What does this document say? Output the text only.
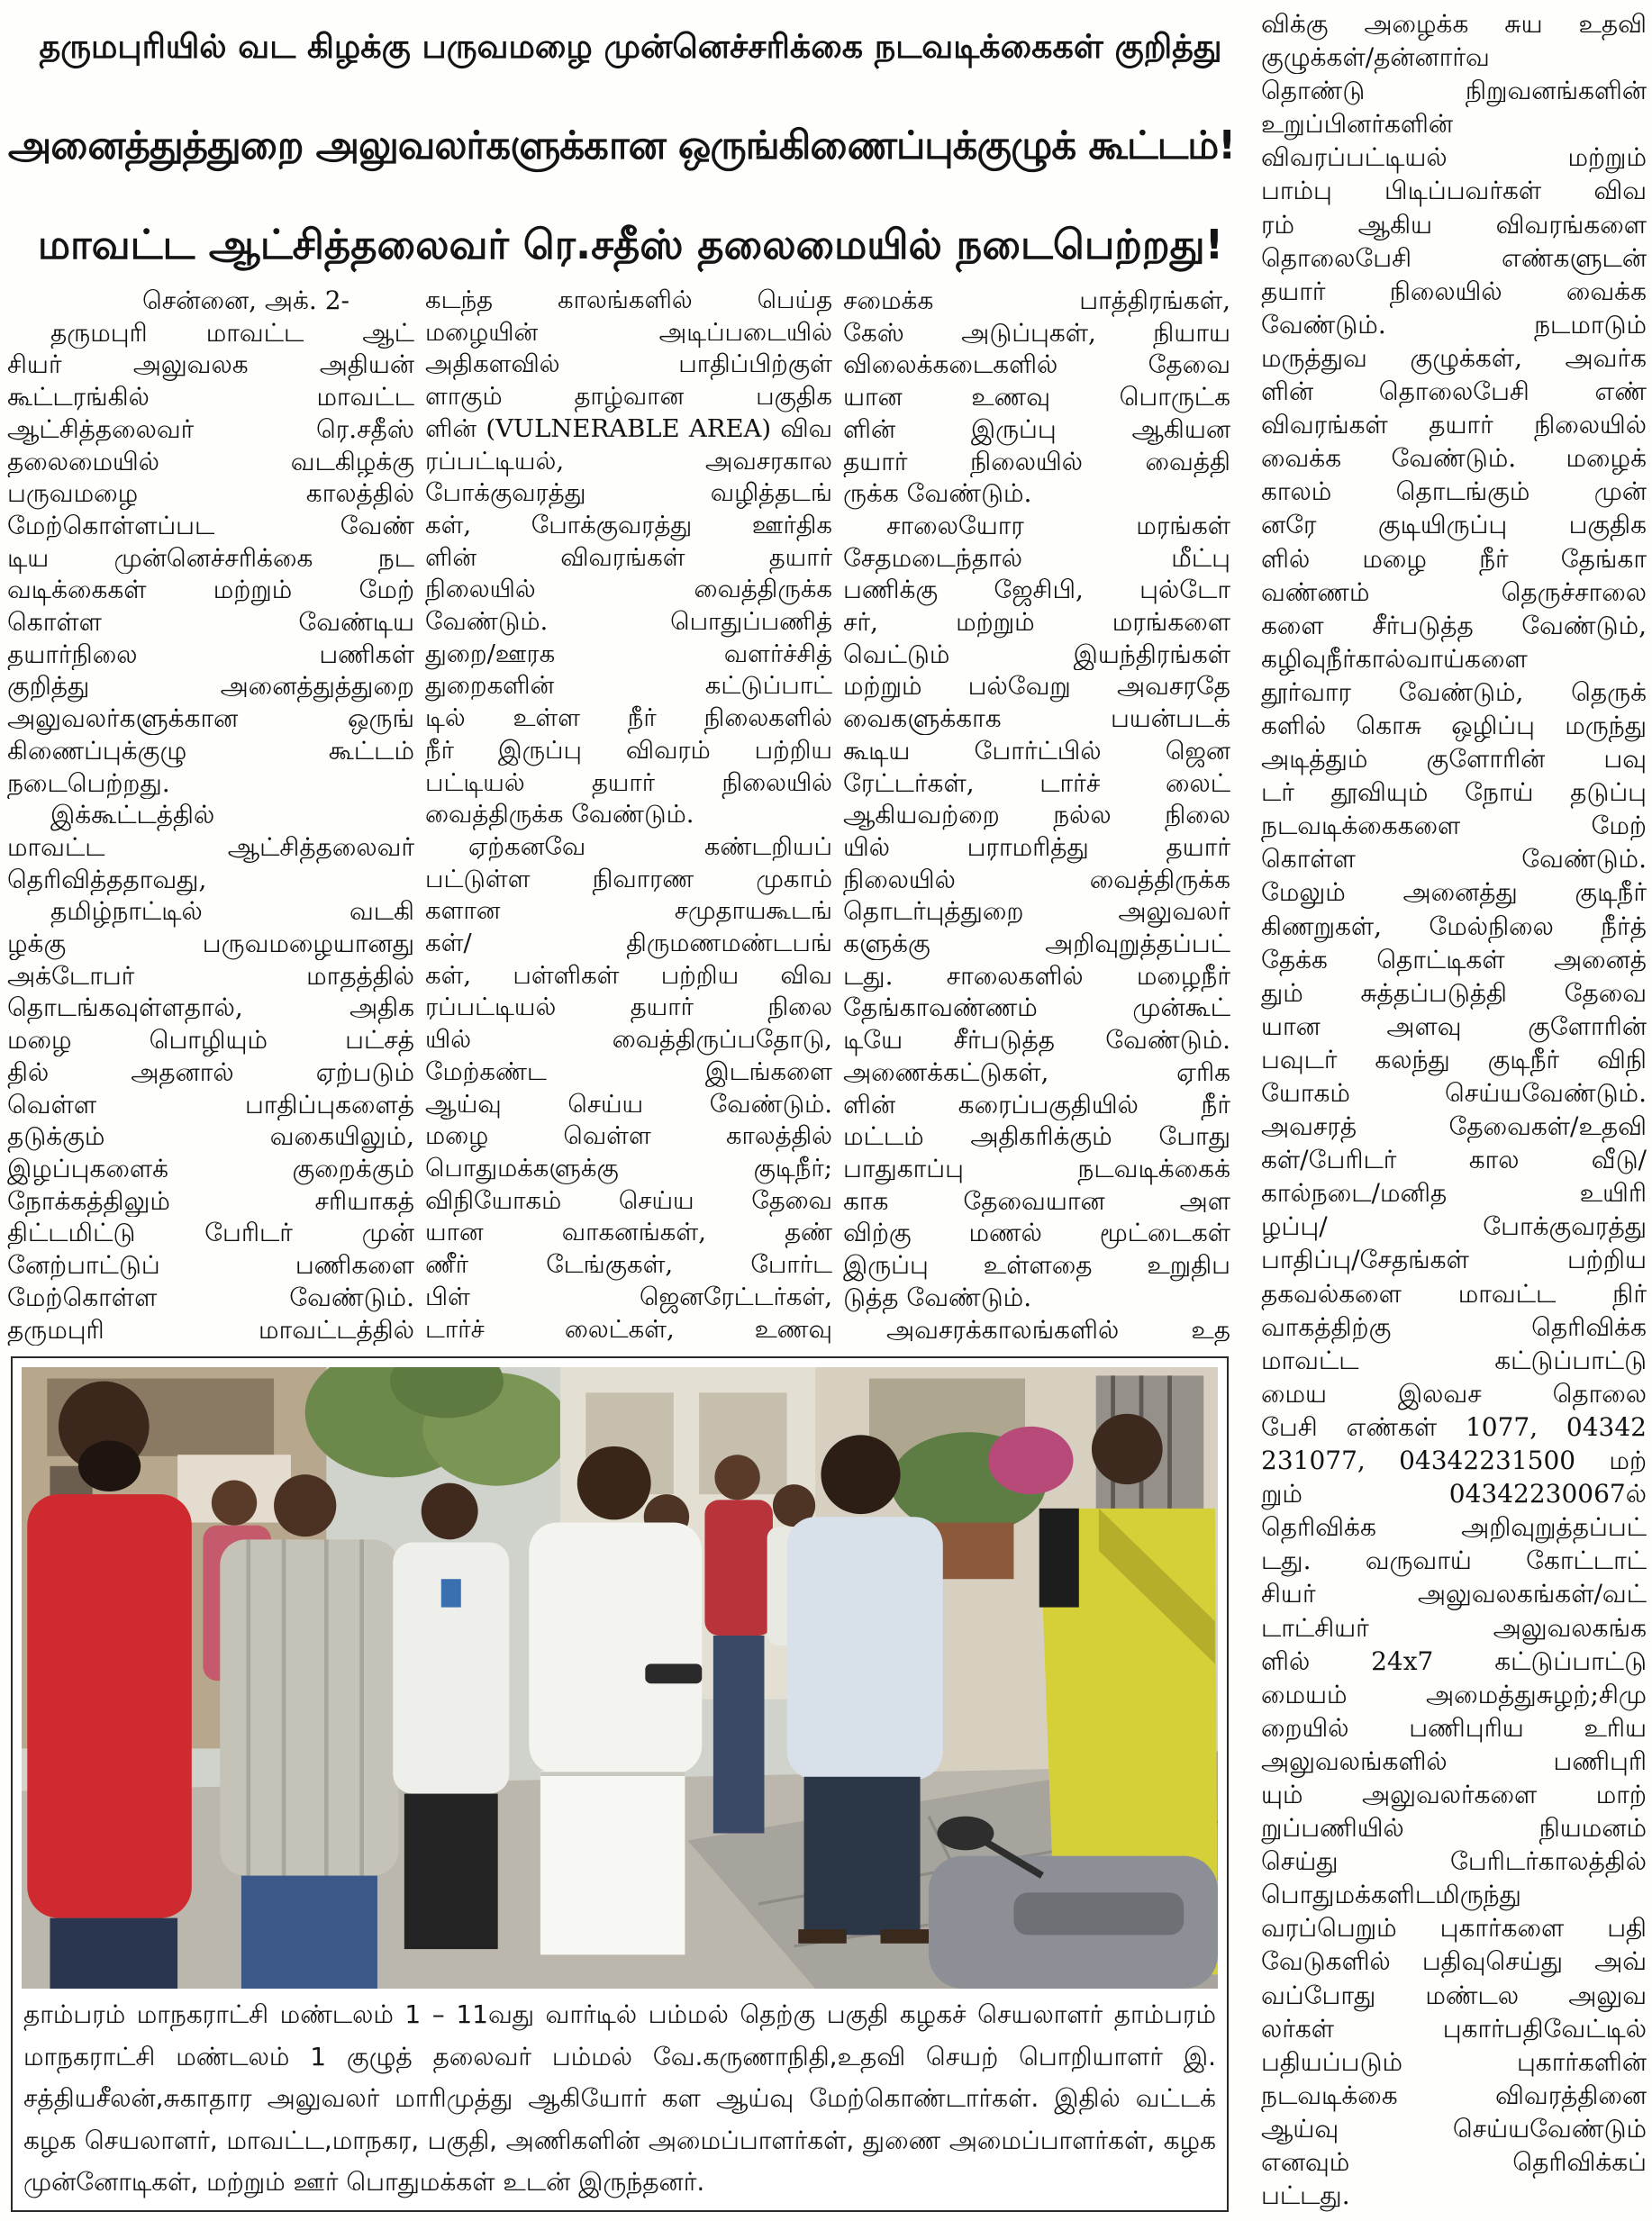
தருமபுரியில் வட கிழக்கு பருவமழை முன்னெச்சரிக்கை நடவடிக்கைகள் குறித்து
அனைத்துத்துறை அலுவலர்களுக்கான ஒருங்கிணைப்புக்குழுக் கூட்டம்!
மாவட்ட ஆட்சித்தலைவர் ரெ.சதீஸ் தலைமையில் நடைபெற்றது!
சென்னை, அக். 2-
தருமபுரி மாவட்ட ஆட்
சியர் அலுவலக அதியன்
கூட்டரங்கில் மாவட்ட
ஆட்சித்தலைவர் ரெ.சதீஸ்
தலைமையில் வடகிழக்கு
பருவமழை காலத்தில்
மேற்கொள்ளப்பட வேண்
டிய முன்னெச்சரிக்கை நட
வடிக்கைகள் மற்றும் மேற்
கொள்ள வேண்டிய
தயார்நிலை பணிகள்
குறித்து அனைத்துத்துறை
அலுவலர்களுக்கான ஒருங்
கிணைப்புக்குழு கூட்டம்
நடைபெற்றது.
இக்கூட்டத்தில்
மாவட்ட ஆட்சித்தலைவர்
தெரிவித்ததாவது,
தமிழ்நாட்டில் வடகி
ழக்கு பருவமழையானது
அக்டோபர் மாதத்தில்
தொடங்கவுள்ளதால், அதிக
மழை பொழியும் பட்சத்
தில் அதனால் ஏற்படும்
வெள்ள பாதிப்புகளைத்
தடுக்கும் வகையிலும்,
இழப்புகளைக் குறைக்கும்
நோக்கத்திலும் சரியாகத்
திட்டமிட்டு பேரிடர் முன்
னேற்பாட்டுப் பணிகளை
மேற்கொள்ள வேண்டும்.
தருமபுரி மாவட்டத்தில்
கடந்த காலங்களில் பெய்த
மழையின் அடிப்படையில்
அதிகளவில் பாதிப்பிற்குள்
ளாகும் தாழ்வான பகுதிக
ளின் (VULNERABLE AREA) விவ
ரப்பட்டியல், அவசரகால
போக்குவரத்து வழித்தடங்
கள், போக்குவரத்து ஊர்திக
ளின் விவரங்கள் தயார்
நிலையில் வைத்திருக்க
வேண்டும். பொதுப்பணித்
துறை/ஊரக வளர்ச்சித்
துறைகளின் கட்டுப்பாட்
டில் உள்ள நீர் நிலைகளில்
நீர் இருப்பு விவரம் பற்றிய
பட்டியல் தயார் நிலையில்
வைத்திருக்க வேண்டும்.
ஏற்கனவே கண்டறியப்
பட்டுள்ள நிவாரண முகாம்
களான சமுதாயகூடங்
கள்/ திருமணமண்டபங்
கள், பள்ளிகள் பற்றிய விவ
ரப்பட்டியல் தயார் நிலை
யில் வைத்திருப்பதோடு,
மேற்கண்ட இடங்களை
ஆய்வு செய்ய வேண்டும்.
மழை வெள்ள காலத்தில்
பொதுமக்களுக்கு குடிநீர்;
விநியோகம் செய்ய தேவை
யான வாகனங்கள், தண்
ணீர் டேங்குகள், போர்ட
பிள் ஜெனரேட்டர்கள்,
டார்ச் லைட்கள், உணவு
சமைக்க பாத்திரங்கள்,
கேஸ் அடுப்புகள், நியாய
விலைக்கடைகளில் தேவை
யான உணவு பொருட்க
ளின் இருப்பு ஆகியன
தயார் நிலையில் வைத்தி
ருக்க வேண்டும்.
சாலையோர மரங்கள்
சேதமடைந்தால் மீட்பு
பணிக்கு ஜேசிபி, புல்டோ
சர், மற்றும் மரங்களை
வெட்டும் இயந்திரங்கள்
மற்றும் பல்வேறு அவசரதே
வைகளுக்காக பயன்படக்
கூடிய போர்ட்பில் ஜென
ரேட்டர்கள், டார்ச் லைட்
ஆகியவற்றை நல்ல நிலை
யில் பராமரித்து தயார்
நிலையில் வைத்திருக்க
தொடர்புத்துறை அலுவலர்
களுக்கு அறிவுறுத்தப்பட்
டது. சாலைகளில் மழைநீர்
தேங்காவண்ணம் முன்கூட்
டியே சீர்படுத்த வேண்டும்.
அணைக்கட்டுகள், ஏரிக
ளின் கரைப்பகுதியில் நீர்
மட்டம் அதிகரிக்கும் போது
பாதுகாப்பு நடவடிக்கைக்
காக தேவையான அள
விற்கு மணல் மூட்டைகள்
இருப்பு உள்ளதை உறுதிப
டுத்த வேண்டும்.
அவசரக்காலங்களில் உத
விக்கு அழைக்க சுய உதவி
குழுக்கள்/தன்னார்வ
தொண்டு நிறுவனங்களின்
உறுப்பினர்களின்
விவரப்பட்டியல் மற்றும்
பாம்பு பிடிப்பவர்கள் விவ
ரம் ஆகிய விவரங்களை
தொலைபேசி எண்களுடன்
தயார் நிலையில் வைக்க
வேண்டும். நடமாடும்
மருத்துவ குழுக்கள், அவர்க
ளின் தொலைபேசி எண்
விவரங்கள் தயார் நிலையில்
வைக்க வேண்டும். மழைக்
காலம் தொடங்கும் முன்
னரே குடியிருப்பு பகுதிக
ளில் மழை நீர் தேங்கா
வண்ணம் தெருச்சாலை
களை சீர்படுத்த வேண்டும்,
கழிவுநீர்கால்வாய்களை
தூர்வார வேண்டும், தெருக்
களில் கொசு ஒழிப்பு மருந்து
அடித்தும் குளோரின் பவு
டர் தூவியும் நோய் தடுப்பு
நடவடிக்கைகளை மேற்
கொள்ள வேண்டும்.
மேலும் அனைத்து குடிநீர்
கிணறுகள், மேல்நிலை நீர்த்
தேக்க தொட்டிகள் அனைத்
தும் சுத்தப்படுத்தி தேவை
யான அளவு குளோரின்
பவுடர் கலந்து குடிநீர் விநி
யோகம் செய்யவேண்டும்.
அவசரத் தேவைகள்/உதவி
கள்/பேரிடர் கால வீடு/
கால்நடை/மனித உயிரி
ழப்பு/ போக்குவரத்து
பாதிப்பு/சேதங்கள் பற்றிய
தகவல்களை மாவட்ட நிர்
வாகத்திற்கு தெரிவிக்க
மாவட்ட கட்டுப்பாட்டு
மைய இலவச தொலை
பேசி எண்கள் 1077, 04342
231077, 04342231500 மற்
றும் 04342230067ல்
தெரிவிக்க அறிவுறுத்தப்பட்
டது. வருவாய் கோட்டாட்
சியர் அலுவலகங்கள்/வட்
டாட்சியர் அலுவலகங்க
ளில் 24x7 கட்டுப்பாட்டு
மையம் அமைத்துசுழற்;சிமு
றையில் பணிபுரிய உரிய
அலுவலங்களில் பணிபுரி
யும் அலுவலர்களை மாற்
றுப்பணியில் நியமனம்
செய்து பேரிடர்காலத்தில்
பொதுமக்களிடமிருந்து
வரப்பெறும் புகார்களை பதி
வேடுகளில் பதிவுசெய்து அவ்
வப்போது மண்டல அலுவ
லர்கள் புகார்பதிவேட்டில்
பதியப்படும் புகார்களின்
நடவடிக்கை விவரத்தினை
ஆய்வு செய்யவேண்டும்
எனவும் தெரிவிக்கப்
பட்டது.
தாம்பரம் மாநகராட்சி மண்டலம் 1 – 11வது வார்டில் பம்மல் தெற்கு பகுதி கழகச் செயலாளர் தாம்பரம்
மாநகராட்சி மண்டலம் 1 குழுத் தலைவர் பம்மல் வே.கருணாநிதி,உதவி செயற் பொறியாளர் இ.
சத்தியசீலன்,சுகாதார அலுவலர் மாரிமுத்து ஆகியோர் கள ஆய்வு மேற்கொண்டார்கள். இதில் வட்டக்
கழக செயலாளர், மாவட்ட,மாநகர, பகுதி, அணிகளின் அமைப்பாளர்கள், துணை அமைப்பாளர்கள், கழக
முன்னோடிகள், மற்றும் ஊர் பொதுமக்கள் உடன் இருந்தனர்.
